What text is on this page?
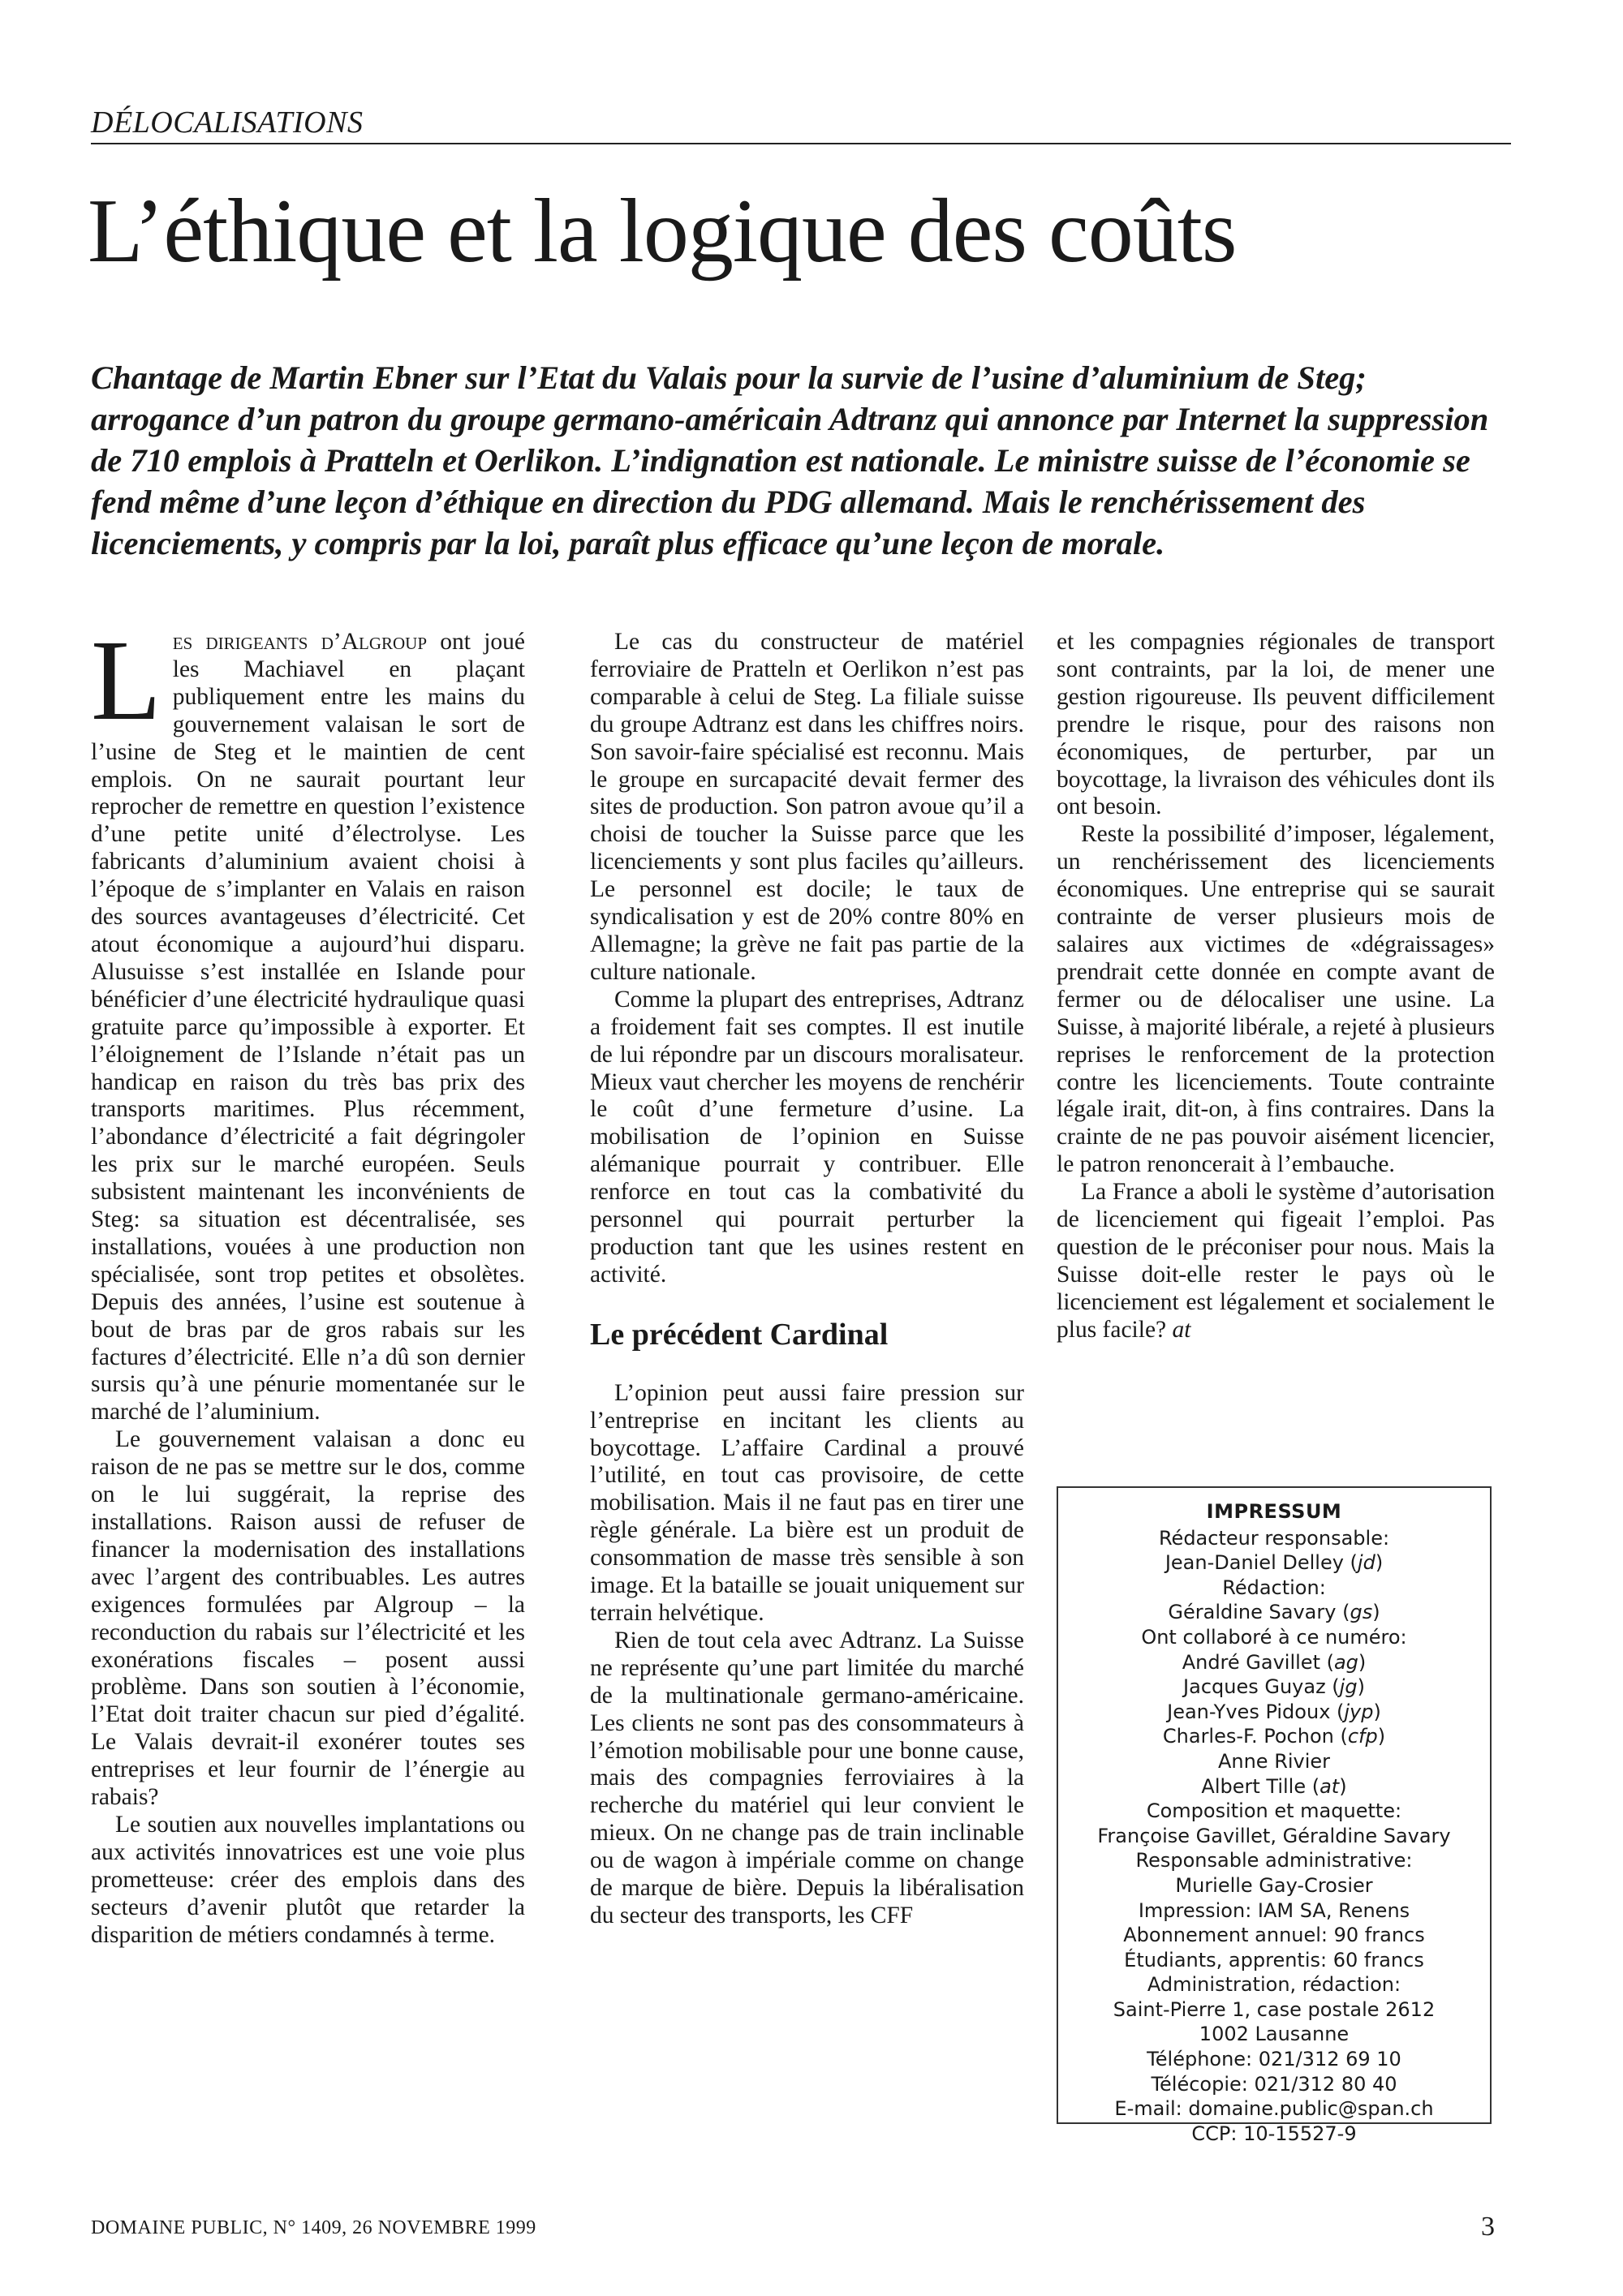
DÉLOCALISATIONS
L’éthique et la logique des coûts

Chantage de Martin Ebner sur l’Etat du Valais pour la survie de l’usine d’aluminium de Steg; arrogance d’un patron du groupe germano-américain Adtranz qui annonce par Internet la suppression de 710 emplois à Pratteln et Oerlikon. L’indignation est nationale. Le ministre suisse de l’économie se fend même d’une leçon d’éthique en direction du PDG allemand. Mais le renchérissement des licenciements, y compris par la loi, paraît plus efficace qu’une leçon de morale.

Les dirigeants d’Algroup ont joué les Machiavel en plaçant publiquement entre les mains du gouvernement valaisan le sort de l’usine de Steg et le maintien de cent emplois. On ne saurait pourtant leur reprocher de remettre en question l’existence d’une petite unité d’électrolyse. Les fabricants d’aluminium avaient choisi à l’époque de s’implanter en Valais en raison des sources avantageuses d’électricité. Cet atout économique a aujourd’hui disparu. Alusuisse s’est installée en Islande pour bénéficier d’une électricité hydraulique quasi gratuite parce qu’impossible à exporter. Et l’éloignement de l’Islande n’était pas un handicap en raison du très bas prix des transports maritimes. Plus récemment, l’abondance d’électricité a fait dégringoler les prix sur le marché européen. Seuls subsistent maintenant les inconvénients de Steg: sa situation est décentralisée, ses installations, vouées à une production non spécialisée, sont trop petites et obsolètes. Depuis des années, l’usine est soutenue à bout de bras par de gros rabais sur les factures d’électricité. Elle n’a dû son dernier sursis qu’à une pénurie momentanée sur le marché de l’aluminium.

Le gouvernement valaisan a donc eu raison de ne pas se mettre sur le dos, comme on le lui suggérait, la reprise des installations. Raison aussi de refuser de financer la modernisation des installations avec l’argent des contribuables. Les autres exigences formulées par Algroup – la reconduction du rabais sur l’électricité et les exonérations fiscales – posent aussi problème. Dans son soutien à l’économie, l’Etat doit traiter chacun sur pied d’égalité. Le Valais devrait-il exonérer toutes ses entreprises et leur fournir de l’énergie au rabais?

Le soutien aux nouvelles implantations ou aux activités innovatrices est une voie plus prometteuse: créer des emplois dans des secteurs d’avenir plutôt que retarder la disparition de métiers condamnés à terme.

Le cas du constructeur de matériel ferroviaire de Pratteln et Oerlikon n’est pas comparable à celui de Steg. La filiale suisse du groupe Adtranz est dans les chiffres noirs. Son savoir-faire spécialisé est reconnu. Mais le groupe en surcapacité devait fermer des sites de production. Son patron avoue qu’il a choisi de toucher la Suisse parce que les licenciements y sont plus faciles qu’ailleurs. Le personnel est docile; le taux de syndicalisation y est de 20% contre 80% en Allemagne; la grève ne fait pas partie de la culture nationale.

Comme la plupart des entreprises, Adtranz a froidement fait ses comptes. Il est inutile de lui répondre par un discours moralisateur. Mieux vaut chercher les moyens de renchérir le coût d’une fermeture d’usine. La mobilisation de l’opinion en Suisse alémanique pourrait y contribuer. Elle renforce en tout cas la combativité du personnel qui pourrait perturber la production tant que les usines restent en activité.

Le précédent Cardinal

L’opinion peut aussi faire pression sur l’entreprise en incitant les clients au boycottage. L’affaire Cardinal a prouvé l’utilité, en tout cas provisoire, de cette mobilisation. Mais il ne faut pas en tirer une règle générale. La bière est un produit de consommation de masse très sensible à son image. Et la bataille se jouait uniquement sur terrain helvétique.

Rien de tout cela avec Adtranz. La Suisse ne représente qu’une part limitée du marché de la multinationale germano-américaine. Les clients ne sont pas des consommateurs à l’émotion mobilisable pour une bonne cause, mais des compagnies ferroviaires à la recherche du matériel qui leur convient le mieux. On ne change pas de train inclinable ou de wagon à impériale comme on change de marque de bière. Depuis la libéralisation du secteur des transports, les CFF

et les compagnies régionales de transport sont contraints, par la loi, de mener une gestion rigoureuse. Ils peuvent difficilement prendre le risque, pour des raisons non économiques, de perturber, par un boycottage, la livraison des véhicules dont ils ont besoin.

Reste la possibilité d’imposer, légalement, un renchérissement des licenciements économiques. Une entreprise qui se saurait contrainte de verser plusieurs mois de salaires aux victimes de «dégraissages» prendrait cette donnée en compte avant de fermer ou de délocaliser une usine. La Suisse, à majorité libérale, a rejeté à plusieurs reprises le renforcement de la protection contre les licenciements. Toute contrainte légale irait, dit-on, à fins contraires. Dans la crainte de ne pas pouvoir aisément licencier, le patron renoncerait à l’embauche.

La France a aboli le système d’autorisation de licenciement qui figeait l’emploi. Pas question de le préconiser pour nous. Mais la Suisse doit-elle rester le pays où le licenciement est légalement et socialement le plus facile? at

IMPRESSUM
Rédacteur responsable:
Jean-Daniel Delley (jd)
Rédaction:
Géraldine Savary (gs)
Ont collaboré à ce numéro:
André Gavillet (ag)
Jacques Guyaz (jg)
Jean-Yves Pidoux (jyp)
Charles-F. Pochon (cfp)
Anne Rivier
Albert Tille (at)
Composition et maquette:
Françoise Gavillet, Géraldine Savary
Responsable administrative:
Murielle Gay-Crosier
Impression: IAM SA, Renens
Abonnement annuel: 90 francs
Étudiants, apprentis: 60 francs
Administration, rédaction:
Saint-Pierre 1, case postale 2612
1002 Lausanne
Téléphone: 021/312 69 10
Télécopie: 021/312 80 40
E-mail: domaine.public@span.ch
CCP: 10-15527-9
DOMAINE PUBLIC, N° 1409, 26 NOVEMBRE 1999	3
